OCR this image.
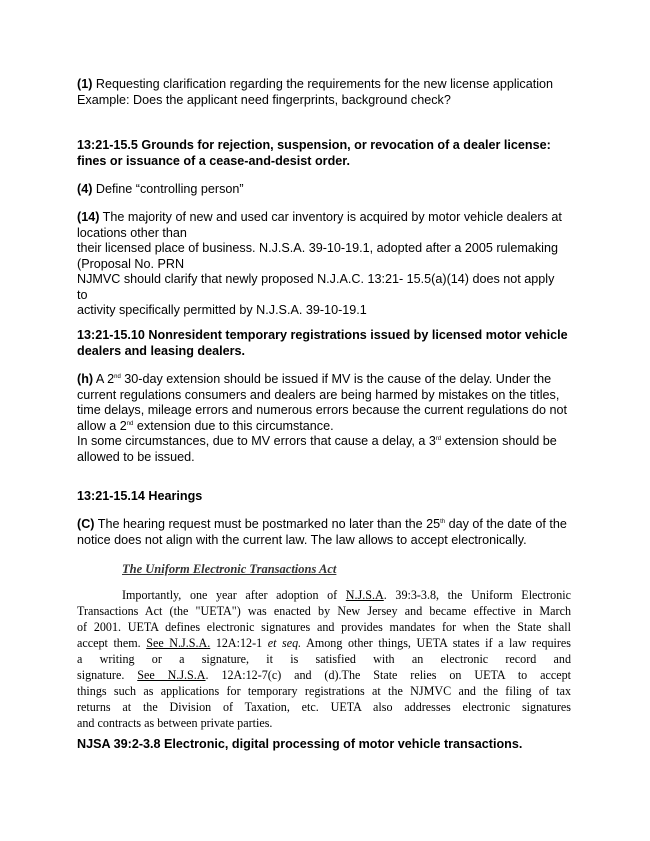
(1) Requesting clarification regarding the requirements for the new license application
Example: Does the applicant need fingerprints, background check?
13:21-15.5 Grounds for rejection, suspension, or revocation of a dealer license:
fines or issuance of a cease-and-desist order.
(4) Define “controlling person”
(14) The majority of new and used car inventory is acquired by motor vehicle dealers at
locations other than
their licensed place of business. N.J.S.A. 39-10-19.1, adopted after a 2005 rulemaking
(Proposal No. PRN
NJMVC should clarify that newly proposed N.J.A.C. 13:21- 15.5(a)(14) does not apply
to
activity specifically permitted by N.J.S.A. 39-10-19.1
13:21-15.10 Nonresident temporary registrations issued by licensed motor vehicle
dealers and leasing dealers.
(h) A 2nd 30-day extension should be issued if MV is the cause of the delay. Under the
current regulations consumers and dealers are being harmed by mistakes on the titles,
time delays, mileage errors and numerous errors because the current regulations do not
allow a 2nd extension due to this circumstance.
In some circumstances, due to MV errors that cause a delay, a 3rd extension should be
allowed to be issued.
13:21-15.14 Hearings
(C) The hearing request must be postmarked no later than the 25th day of the date of the
notice does not align with the current law. The law allows to accept electronically.
The Uniform Electronic Transactions Act
Importantly, one year after adoption of N.J.S.A. 39:3-3.8, the Uniform Electronic
Transactions Act (the "UETA") was enacted by New Jersey and became effective in March
of 2001. UETA defines electronic signatures and provides mandates for when the State shall
accept them. See N.J.S.A. 12A:12-1 et seq. Among other things, UETA states if a law requires
a writing or a signature, it is satisfied with an electronic record and
signature. See N.J.S.A. 12A:12-7(c) and (d).The State relies on UETA to accept
things such as applications for temporary registrations at the NJMVC and the filing of tax
returns at the Division of Taxation, etc. UETA also addresses electronic signatures
and contracts as between private parties.
NJSA 39:2-3.8 Electronic, digital processing of motor vehicle transactions.
